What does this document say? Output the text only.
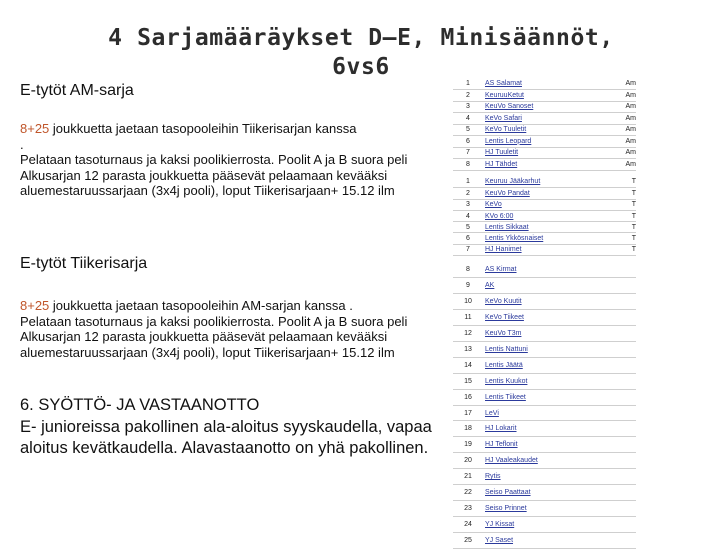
4 Sarjamääräykset D–E, Minisäännöt, 6vs6
E-tytöt AM-sarja
8+25 joukkuetta jaetaan tasopooleihin Tiikerisarjan kanssa
.
Pelataan tasoturnaus ja kaksi poolikierrosta. Poolit A ja B suora peli
Alkusarjan 12 parasta joukkuetta pääsevät pelaamaan kevääksi aluemestaruussarjaan (3x4j pooli), loput Tiikerisarjaan+ 15.12 ilm
E-tytöt Tiikerisarja
8+25 joukkuetta jaetaan tasopooleihin AM-sarjan kanssa .
Pelataan tasoturnaus ja kaksi poolikierrosta. Poolit A ja B suora peli
Alkusarjan 12 parasta joukkuetta pääsevät pelaamaan kevääksi aluemestaruussarjaan (3x4j pooli), loput Tiikerisarjaan+ 15.12 ilm
6. SYÖTTÖ- JA VASTAANOTTO
E- junioreissa pakollinen ala-aloitus syyskaudella, vapaa aloitus kevätkaudella. Alavastaanotto on yhä pakollinen.
1	AS Salamat	Am
2	KeuruuKetut	Am
3	KeuVo Sanoset	Am
4	KeVo Safari	Am
5	KeVo Tuuletit	Am
6	Lentis Leopard	Am
7	HJ Tuuletit	Am
8	HJ Tähdet	Am

1	Keuruu Jääkarhut	T
2	KeuVo Pandat	T
3	KeVo	T
4	KVo 6:00	T
5	Lentis Sikkaat	T
6	Lentis Ykkösnaiset	T
7	HJ Hanimet	T

8	AS Kirmat	
9	AK	
10	KeVo Kuutit	
11	KeVo Tiikeet	
12	KeuVo T3m	
13	Lentis Nattuni	
14	Lentis Jäätä	
15	Lentis Kuukot	
16	Lentis Tiikeet	
17	LeVi	
18	HJ Lokarit	
19	HJ Teflonit	
20	HJ Vaaleakaudet	
21	Rytis	
22	Seiso Paattaat	
23	Seiso Prinnet	
24	YJ Kissat	
25	YJ Saset	
